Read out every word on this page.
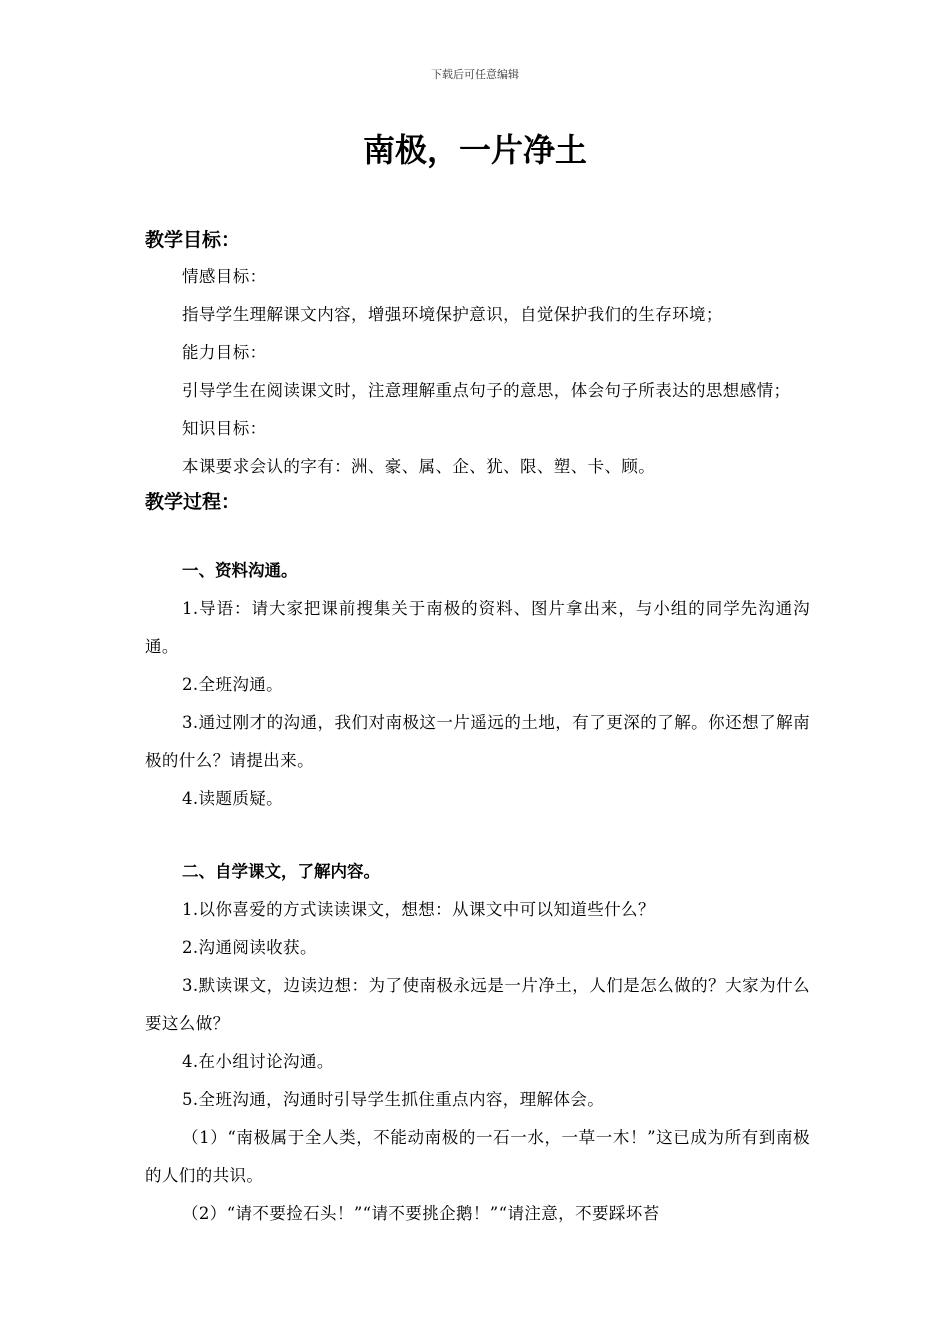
下载后可任意编辑
南极，一片净土

教学目标：

情感目标：

指导学生理解课文内容，增强环境保护意识，自觉保护我们的生存环境；

能力目标：

引导学生在阅读课文时，注意理解重点句子的意思，体会句子所表达的思想感情；

知识目标：

本课要求会认的字有：洲、豪、属、企、犹、限、塑、卡、顾。

教学过程：

一、资料沟通。

1.导语：请大家把课前搜集关于南极的资料、图片拿出来，与小组的同学先沟通沟通。

2.全班沟通。

3.通过刚才的沟通，我们对南极这一片遥远的土地，有了更深的了解。你还想了解南极的什么？请提出来。

4.读题质疑。

二、自学课文，了解内容。

1.以你喜爱的方式读读课文，想想：从课文中可以知道些什么？

2.沟通阅读收获。

3.默读课文，边读边想：为了使南极永远是一片净土，人们是怎么做的？大家为什么要这么做？

4.在小组讨论沟通。

5.全班沟通，沟通时引导学生抓住重点内容，理解体会。

（1）“南极属于全人类，不能动南极的一石一水，一草一木！”这已成为所有到南极的人们的共识。

（2）“请不要捡石头！”“请不要挑企鹅！”“请注意，不要踩坏苔
